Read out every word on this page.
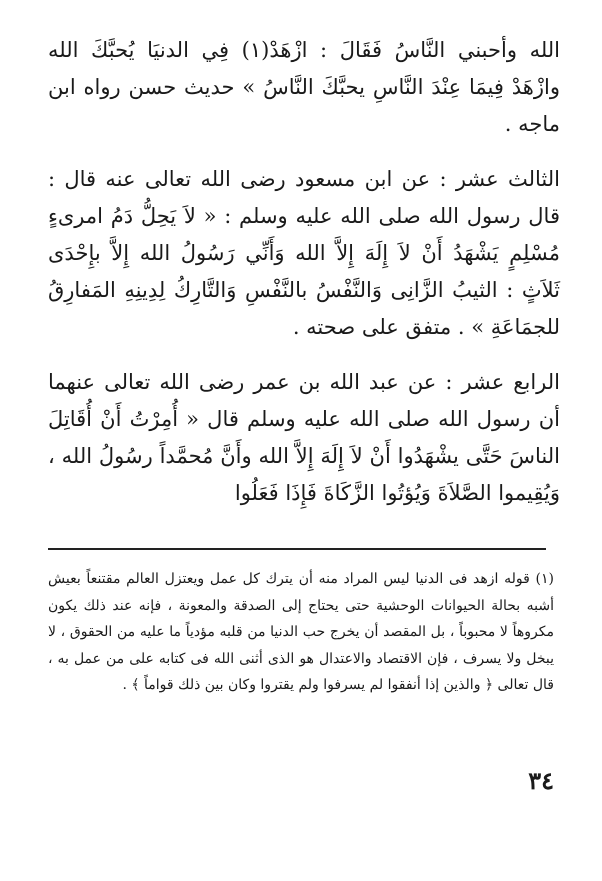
الله وأحبني النَّاسُ فَقَالَ : ازْهَدْ(١) فِي الدنيَا يُحبَّكَ الله وازْهَدْ فِيمَا عِنْدَ النَّاسِ يحبَّكَ النَّاسُ » حديث حسن رواه ابن ماجه .

الثالث عشر : عن ابن مسعود رضى الله تعالى عنه قال : قال رسول الله صلى الله عليه وسلم : « لاَ يَحِلُّ دَمُ امرىءٍ مُسْلِمٍ يَشْهَدُ أَنْ لاَ إِلَهَ إِلاَّ الله وَأَنِّي رَسُولُ الله إِلاَّ بإِحْدَى ثَلاَثٍ : الثيبُ الزَّانِى وَالنَّفْسُ بالنَّفْسِ وَالتَّارِكُ لِدِينِهِ المَفارِقُ للجمَاعَةِ » . متفق على صحته .

الرابع عشر : عن عبد الله بن عمر رضى الله تعالى عنهما أن رسول الله صلى الله عليه وسلم قال « أُمِرْتُ أَنْ أُقَاتِلَ الناسَ حَتَّى يشْهَدُوا أَنْ لاَ إِلَهَ إِلاَّ الله وأَنَّ مُحمَّداً رسُولُ الله ، وَيُقِيموا الصَّلاَةَ وَيُؤتُوا الزَّكَاةَ فَإِذَا فَعَلُوا

(١) قوله ازهد فى الدنيا ليس المراد منه أن يترك كل عمل ويعتزل العالم مقتنعاً بعيش أشبه بحالة الحيوانات الوحشية حتى يحتاج إلى الصدقة والمعونة ، فإنه عند ذلك يكون مكروهاً لا محبوباً ، بل المقصد أن يخرج حب الدنيا من قلبه مؤدياً ما عليه من الحقوق ، لا يبخل ولا يسرف ، فإن الاقتصاد والاعتدال هو الذى أثنى الله فى كتابه على من عمل به ، قال تعالى ﴿ والذين إذا أنفقوا لم يسرفوا ولم يقتروا وكان بين ذلك قواماً ﴾ .

٣٤
